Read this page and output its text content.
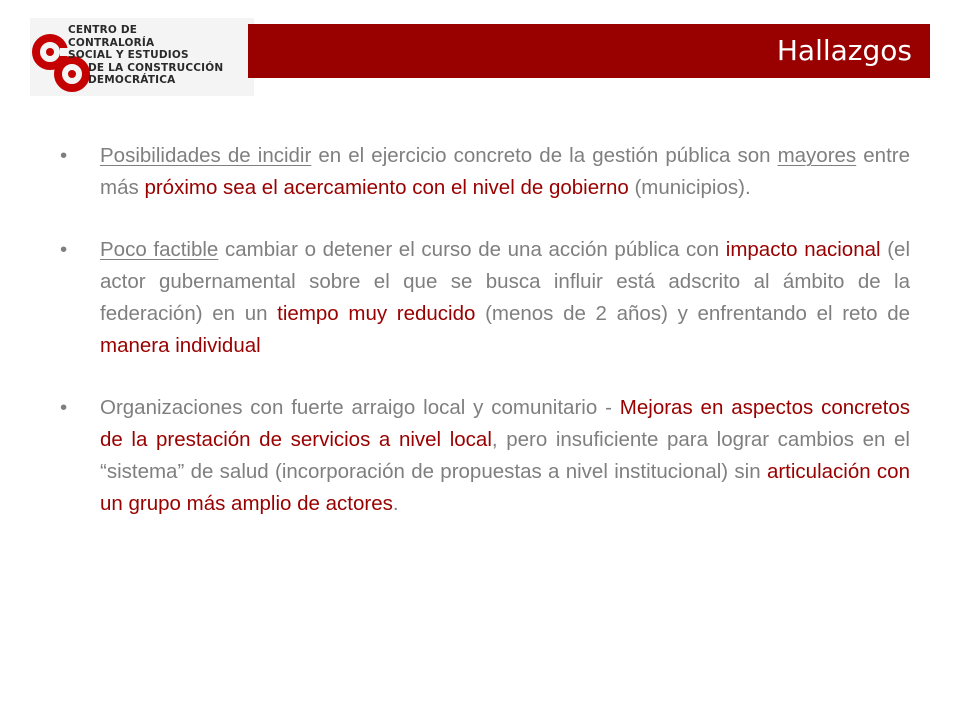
CENTRO DE
CONTRALORÍA
SOCIAL Y ESTUDIOS
DE LA CONSTRUCCIÓN
DEMOCRÁTICA
Hallazgos
• Posibilidades de incidir en el ejercicio concreto de la gestión pública son mayores entre más próximo sea el acercamiento con el nivel de gobierno (municipios).
• Poco factible cambiar o detener el curso de una acción pública con impacto nacional (el actor gubernamental sobre el que se busca influir está adscrito al ámbito de la federación) en un tiempo muy reducido (menos de 2 años) y enfrentando el reto de manera individual
• Organizaciones con fuerte arraigo local y comunitario - Mejoras en aspectos concretos de la prestación de servicios a nivel local, pero insuficiente para lograr cambios en el “sistema” de salud (incorporación de propuestas a nivel institucional) sin articulación con un grupo más amplio de actores.
